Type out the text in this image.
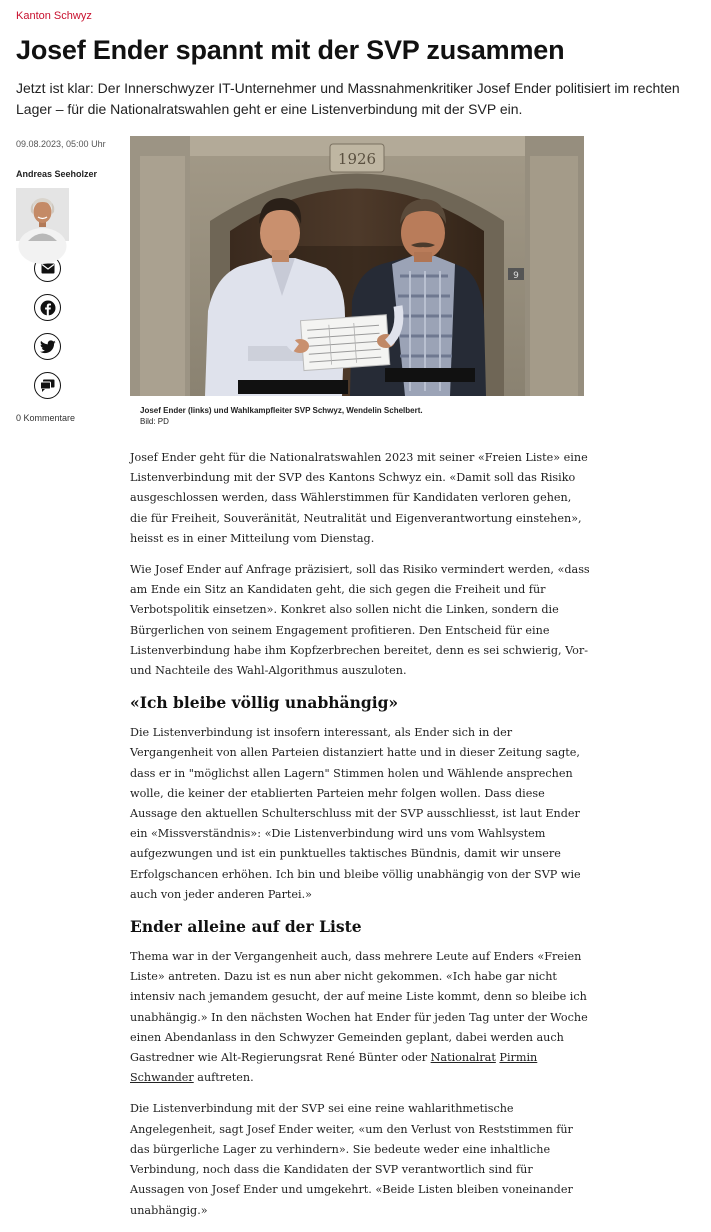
Kanton Schwyz
Josef Ender spannt mit der SVP zusammen

Jetzt ist klar: Der Innerschwyzer IT-Unternehmer und Massnahmenkritiker Josef Ender politisiert im rechten Lager – für die Nationalratswahlen geht er eine Listenverbindung mit der SVP ein.

09.08.2023, 05:00 Uhr
Andreas Seeholzer
0 Kommentare
1926
9
Josef Ender (links) und Wahlkampfleiter SVP Schwyz, Wendelin Schelbert.
Bild: PD

Josef Ender geht für die Nationalratswahlen 2023 mit seiner «Freien Liste» eine Listenverbindung mit der SVP des Kantons Schwyz ein. «Damit soll das Risiko ausgeschlossen werden, dass Wählerstimmen für Kandidaten verloren gehen, die für Freiheit, Souveränität, Neutralität und Eigenverantwortung einstehen», heisst es in einer Mitteilung vom Dienstag.

Wie Josef Ender auf Anfrage präzisiert, soll das Risiko vermindert werden, «dass am Ende ein Sitz an Kandidaten geht, die sich gegen die Freiheit und für Verbotspolitik einsetzen». Konkret also sollen nicht die Linken, sondern die Bürgerlichen von seinem Engagement profitieren. Den Entscheid für eine Listenverbindung habe ihm Kopfzerbrechen bereitet, denn es sei schwierig, Vor- und Nachteile des Wahl-Algorithmus auszuloten.

«Ich bleibe völlig unabhängig»

Die Listenverbindung ist insofern interessant, als Ender sich in der Vergangenheit von allen Parteien distanziert hatte und in dieser Zeitung sagte, dass er in "möglichst allen Lagern" Stimmen holen und Wählende ansprechen wolle, die keiner der etablierten Parteien mehr folgen wollen. Dass diese Aussage den aktuellen Schulterschluss mit der SVP ausschliesst, ist laut Ender ein «Missverständnis»: «Die Listenverbindung wird uns vom Wahlsystem aufgezwungen und ist ein punktuelles taktisches Bündnis, damit wir unsere Erfolgschancen erhöhen. Ich bin und bleibe völlig unabhängig von der SVP wie auch von jeder anderen Partei.»

Ender alleine auf der Liste

Thema war in der Vergangenheit auch, dass mehrere Leute auf Enders «Freien Liste» antreten. Dazu ist es nun aber nicht gekommen. «Ich habe gar nicht intensiv nach jemandem gesucht, der auf meine Liste kommt, denn so bleibe ich unabhängig.» In den nächsten Wochen hat Ender für jeden Tag unter der Woche einen Abendanlass in den Schwyzer Gemeinden geplant, dabei werden auch Gastredner wie Alt-Regierungsrat René Bünter oder Nationalrat Pirmin Schwander auftreten.

Die Listenverbindung mit der SVP sei eine reine wahlarithmetische Angelegenheit, sagt Josef Ender weiter, «um den Verlust von Reststimmen für das bürgerliche Lager zu verhindern». Sie bedeute weder eine inhaltliche Verbindung, noch dass die Kandidaten der SVP verantwortlich sind für Aussagen von Josef Ender und umgekehrt. «Beide Listen bleiben voneinander unabhängig.»
